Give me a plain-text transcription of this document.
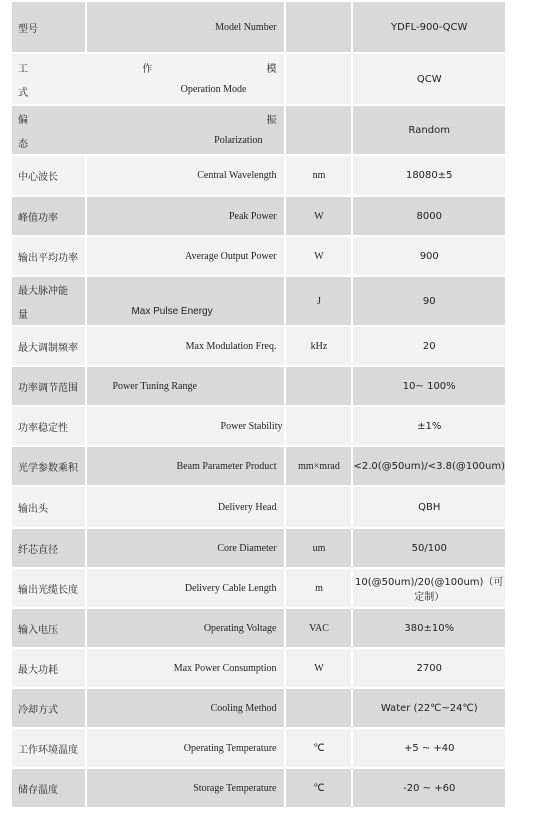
型号	Model Number		YDFL-900-QCW

工 作 模
式 Operation Mode			QCW

偏 振
态 Polarization			Random
中心波长	Central Wavelength	nm	18080±5
峰值功率	Peak Power	W	8000
输出平均功率	Average Output Power	W	900

最大脉冲能
量	Max Pulse Energy	J	90
最大调制频率	Max Modulation Freq.	kHz	20
功率调节范围	Power Tuning Range		10~ 100%
功率稳定性	Power Stability		±1%
光学参数乘积	Beam Parameter Product	mm×mrad	<2.0(@50um)/<3.8(@100um)
输出头	Delivery Head		QBH
纤芯直径	Core Diameter	um	50/100
输出光缆长度	Delivery Cable Length	m	10(@50um)/20(@100um)（可定制）
输入电压	Operating Voltage	VAC	380±10%
最大功耗	Max Power Consumption	W	2700
冷却方式	Cooling Method		Water (22℃~24℃)
工作环境温度	Operating Temperature	℃	+5 ~ +40
储存温度	Storage Temperature	℃	-20 ~ +60
